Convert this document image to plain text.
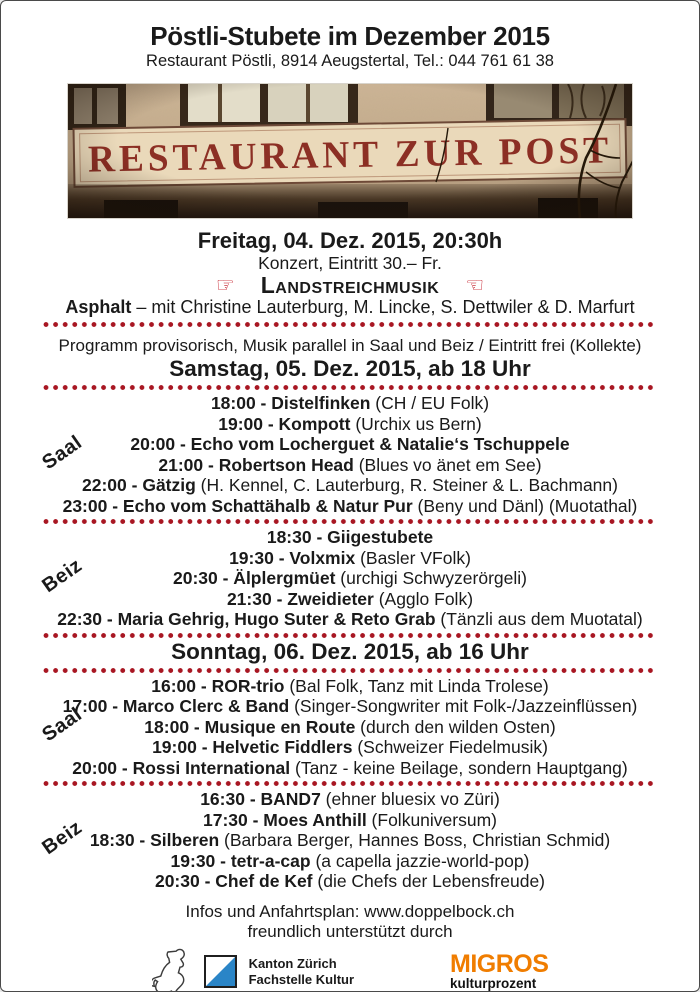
Pöstli-Stubete im Dezember 2015
Restaurant Pöstli, 8914 Aeugstertal, Tel.: 044 761 61 38
Freitag, 04. Dez. 2015, 20:30h
Konzert, Eintritt 30.– Fr.
☞ Landstreichmusik ☜
Asphalt – mit Christine Lauterburg, M. Lincke, S. Dettwiler & D. Marfurt
Programm provisorisch, Musik parallel in Saal und Beiz / Eintritt frei (Kollekte)
Samstag, 05. Dez. 2015, ab 18 Uhr
Saal
18:00 - Distelfinken (CH / EU Folk)
19:00 - Kompott (Urchix us Bern)
20:00 - Echo vom Locherguet & Natalie‘s Tschuppele
21:00 - Robertson Head (Blues vo änet em See)
22:00 - Gätzig (H. Kennel, C. Lauterburg, R. Steiner & L. Bachmann)
23:00 - Echo vom Schattähalb & Natur Pur (Beny und Dänl) (Muotathal)
Beiz
18:30 - Giigestubete
19:30 - Volxmix (Basler VFolk)
20:30 - Älplergmüet (urchigi Schwyzerörgeli)
21:30 - Zweidieter (Agglo Folk)
22:30 - Maria Gehrig, Hugo Suter & Reto Grab (Tänzli aus dem Muotatal)
Sonntag, 06. Dez. 2015, ab 16 Uhr
Saal
16:00 - ROR-trio (Bal Folk, Tanz mit Linda Trolese)
17:00 - Marco Clerc & Band (Singer-Songwriter mit Folk-/Jazzeinflüssen)
18:00 - Musique en Route (durch den wilden Osten)
19:00 - Helvetic Fiddlers (Schweizer Fiedelmusik)
20:00 - Rossi International (Tanz - keine Beilage, sondern Hauptgang)
Beiz
16:30 - BAND7 (ehner bluesix vo Züri)
17:30 - Moes Anthill (Folkuniversum)
18:30 - Silberen (Barbara Berger, Hannes Boss, Christian Schmid)
19:30 - tetr-a-cap (a capella jazzie-world-pop)
20:30 - Chef de Kef (die Chefs der Lebensfreude)
Infos und Anfahrtsplan: www.doppelbock.ch
freundlich unterstützt durch
Kanton Zürich
Fachstelle Kultur
MIGROS
kulturprozent
